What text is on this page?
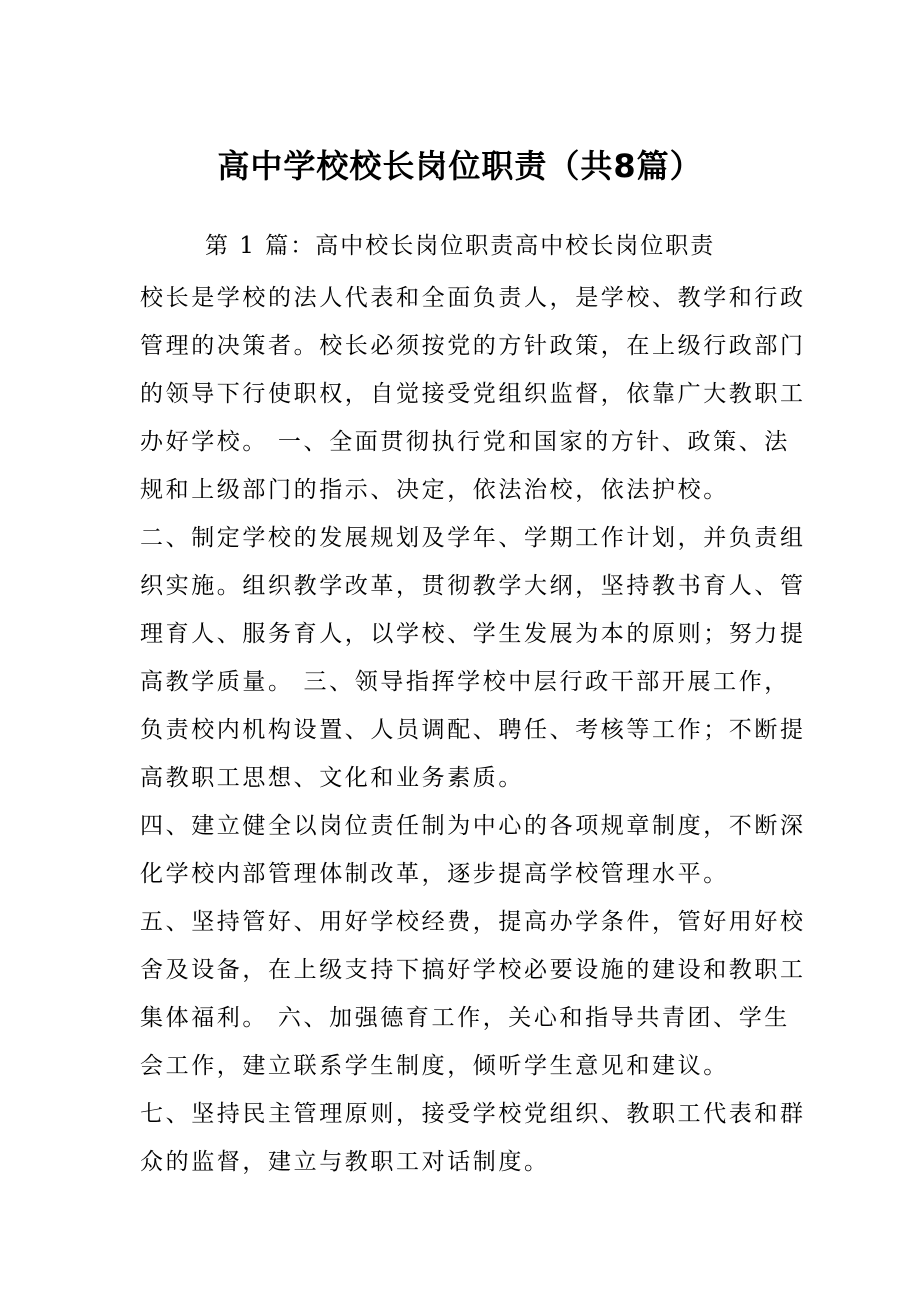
高中学校校长岗位职责（共8篇）

第 1 篇：高中校长岗位职责高中校长岗位职责

校长是学校的法人代表和全面负责人，是学校、教学和行政
管理的决策者。校长必须按党的方针政策，在上级行政部门
的领导下行使职权，自觉接受党组织监督，依靠广大教职工
办好学校。 一、全面贯彻执行党和国家的方针、政策、法
规和上级部门的指示、决定，依法治校，依法护校。
二、制定学校的发展规划及学年、学期工作计划，并负责组
织实施。组织教学改革，贯彻教学大纲，坚持教书育人、管
理育人、服务育人，以学校、学生发展为本的原则；努力提
高教学质量。 三、领导指挥学校中层行政干部开展工作，
负责校内机构设置、人员调配、聘任、考核等工作；不断提
高教职工思想、文化和业务素质。
四、建立健全以岗位责任制为中心的各项规章制度，不断深
化学校内部管理体制改革，逐步提高学校管理水平。
五、坚持管好、用好学校经费，提高办学条件，管好用好校
舍及设备，在上级支持下搞好学校必要设施的建设和教职工
集体福利。 六、加强德育工作，关心和指导共青团、学生
会工作，建立联系学生制度，倾听学生意见和建议。
七、坚持民主管理原则，接受学校党组织、教职工代表和群
众的监督，建立与教职工对话制度。
